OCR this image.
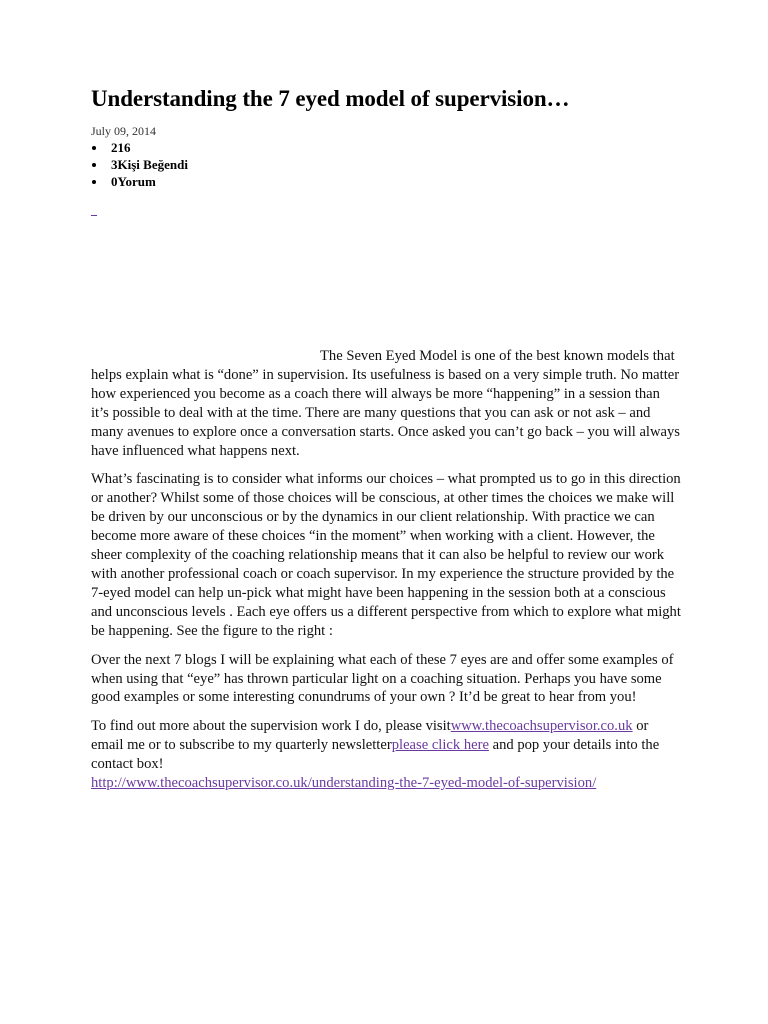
Understanding the 7 eyed model of supervision…
July 09, 2014
216
3Kişi Beğendi
0Yorum
_

The Seven Eyed Model is one of the best known models that helps explain what is “done” in supervision. Its usefulness is based on a very simple truth. No matter how experienced you become as a coach there will always be more “happening” in a session than it’s possible to deal with at the time. There are many questions that you can ask or not ask – and many avenues to explore once a conversation starts. Once asked you can’t go back – you will always have influenced what happens next.

What’s fascinating is to consider what informs our choices – what prompted us to go in this direction or another? Whilst some of those choices will be conscious, at other times the choices we make will be driven by our unconscious or by the dynamics in our client relationship. With practice we can become more aware of these choices “in the moment” when working with a client. However, the sheer complexity of the coaching relationship means that it can also be helpful to review our work with another professional coach or coach supervisor. In my experience the structure provided by the 7-eyed model can help un-pick what might have been happening in the session both at a conscious and unconscious levels . Each eye offers us a different perspective from which to explore what might be happening. See the figure to the right :

Over the next 7 blogs I will be explaining what each of these 7 eyes are and offer some examples of when using that “eye” has thrown particular light on a coaching situation. Perhaps you have some good examples or some interesting conundrums of your own ? It’d be great to hear from you!

To find out more about the supervision work I do, please visitwww.thecoachsupervisor.co.uk or email me or to subscribe to my quarterly newsletterplease click here and pop your details into the contact box!

http://www.thecoachsupervisor.co.uk/understanding-the-7-eyed-model-of-supervision/
